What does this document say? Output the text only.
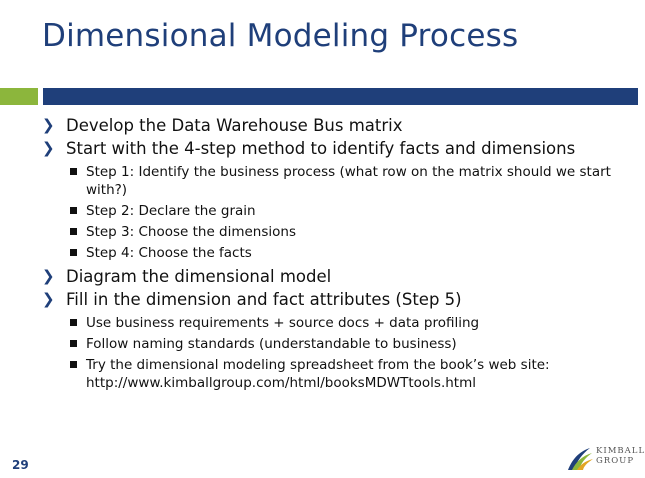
Dimensional Modeling Process

❯ Develop the Data Warehouse Bus matrix

❯ Start with the 4-step method to identify facts and dimensions

Step 1: Identify the business process (what row on the matrix should we start with?)

Step 2: Declare the grain

Step 3: Choose the dimensions

Step 4: Choose the facts

❯ Diagram the dimensional model

❯ Fill in the dimension and fact attributes (Step 5)

Use business requirements + source docs + data profiling

Follow naming standards (understandable to business)

Try the dimensional modeling spreadsheet from the book’s web site: http://www.kimballgroup.com/html/booksMDWTtools.html

29
KIMBALL
GROUP
